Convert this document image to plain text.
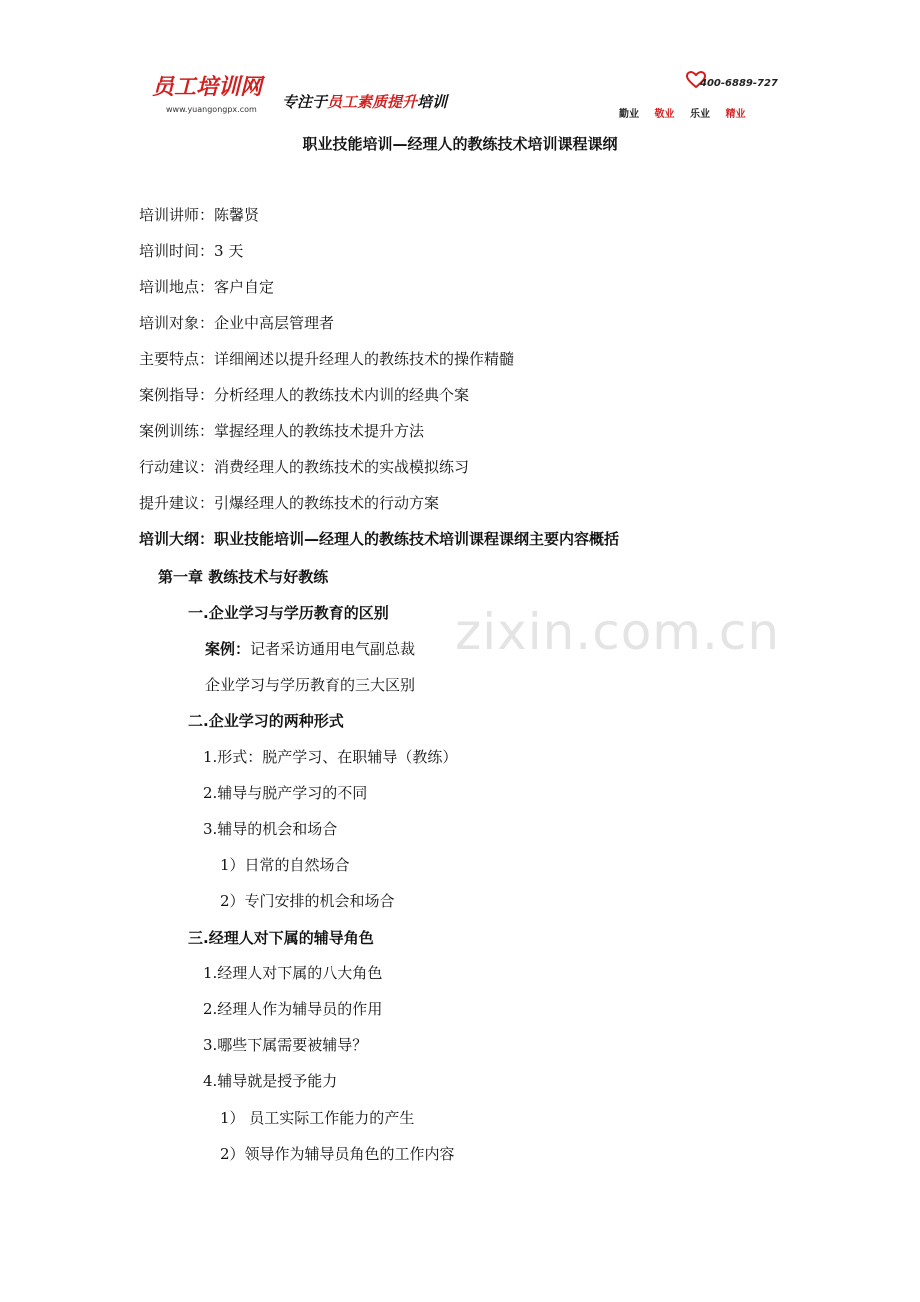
员工培训网
www.yuangongpx.com 专注于员工素质提升培训
400-6889-727
勤业 敬业 乐业 精业
zixin.com.cn
职业技能培训—经理人的教练技术培训课程课纲
培训讲师：陈馨贤
培训时间：3 天
培训地点：客户自定
培训对象：企业中高层管理者
主要特点：详细阐述以提升经理人的教练技术的操作精髓
案例指导：分析经理人的教练技术内训的经典个案
案例训练：掌握经理人的教练技术提升方法
行动建议：消费经理人的教练技术的实战模拟练习
提升建议：引爆经理人的教练技术的行动方案
培训大纲：职业技能培训—经理人的教练技术培训课程课纲主要内容概括
第一章 教练技术与好教练
一.企业学习与学历教育的区别
案例：记者采访通用电气副总裁
企业学习与学历教育的三大区别
二.企业学习的两种形式
1.形式：脱产学习、在职辅导（教练）
2.辅导与脱产学习的不同
3.辅导的机会和场合
1）日常的自然场合
2）专门安排的机会和场合
三.经理人对下属的辅导角色
1.经理人对下属的八大角色
2.经理人作为辅导员的作用
3.哪些下属需要被辅导？
4.辅导就是授予能力
1） 员工实际工作能力的产生
2）领导作为辅导员角色的工作内容
